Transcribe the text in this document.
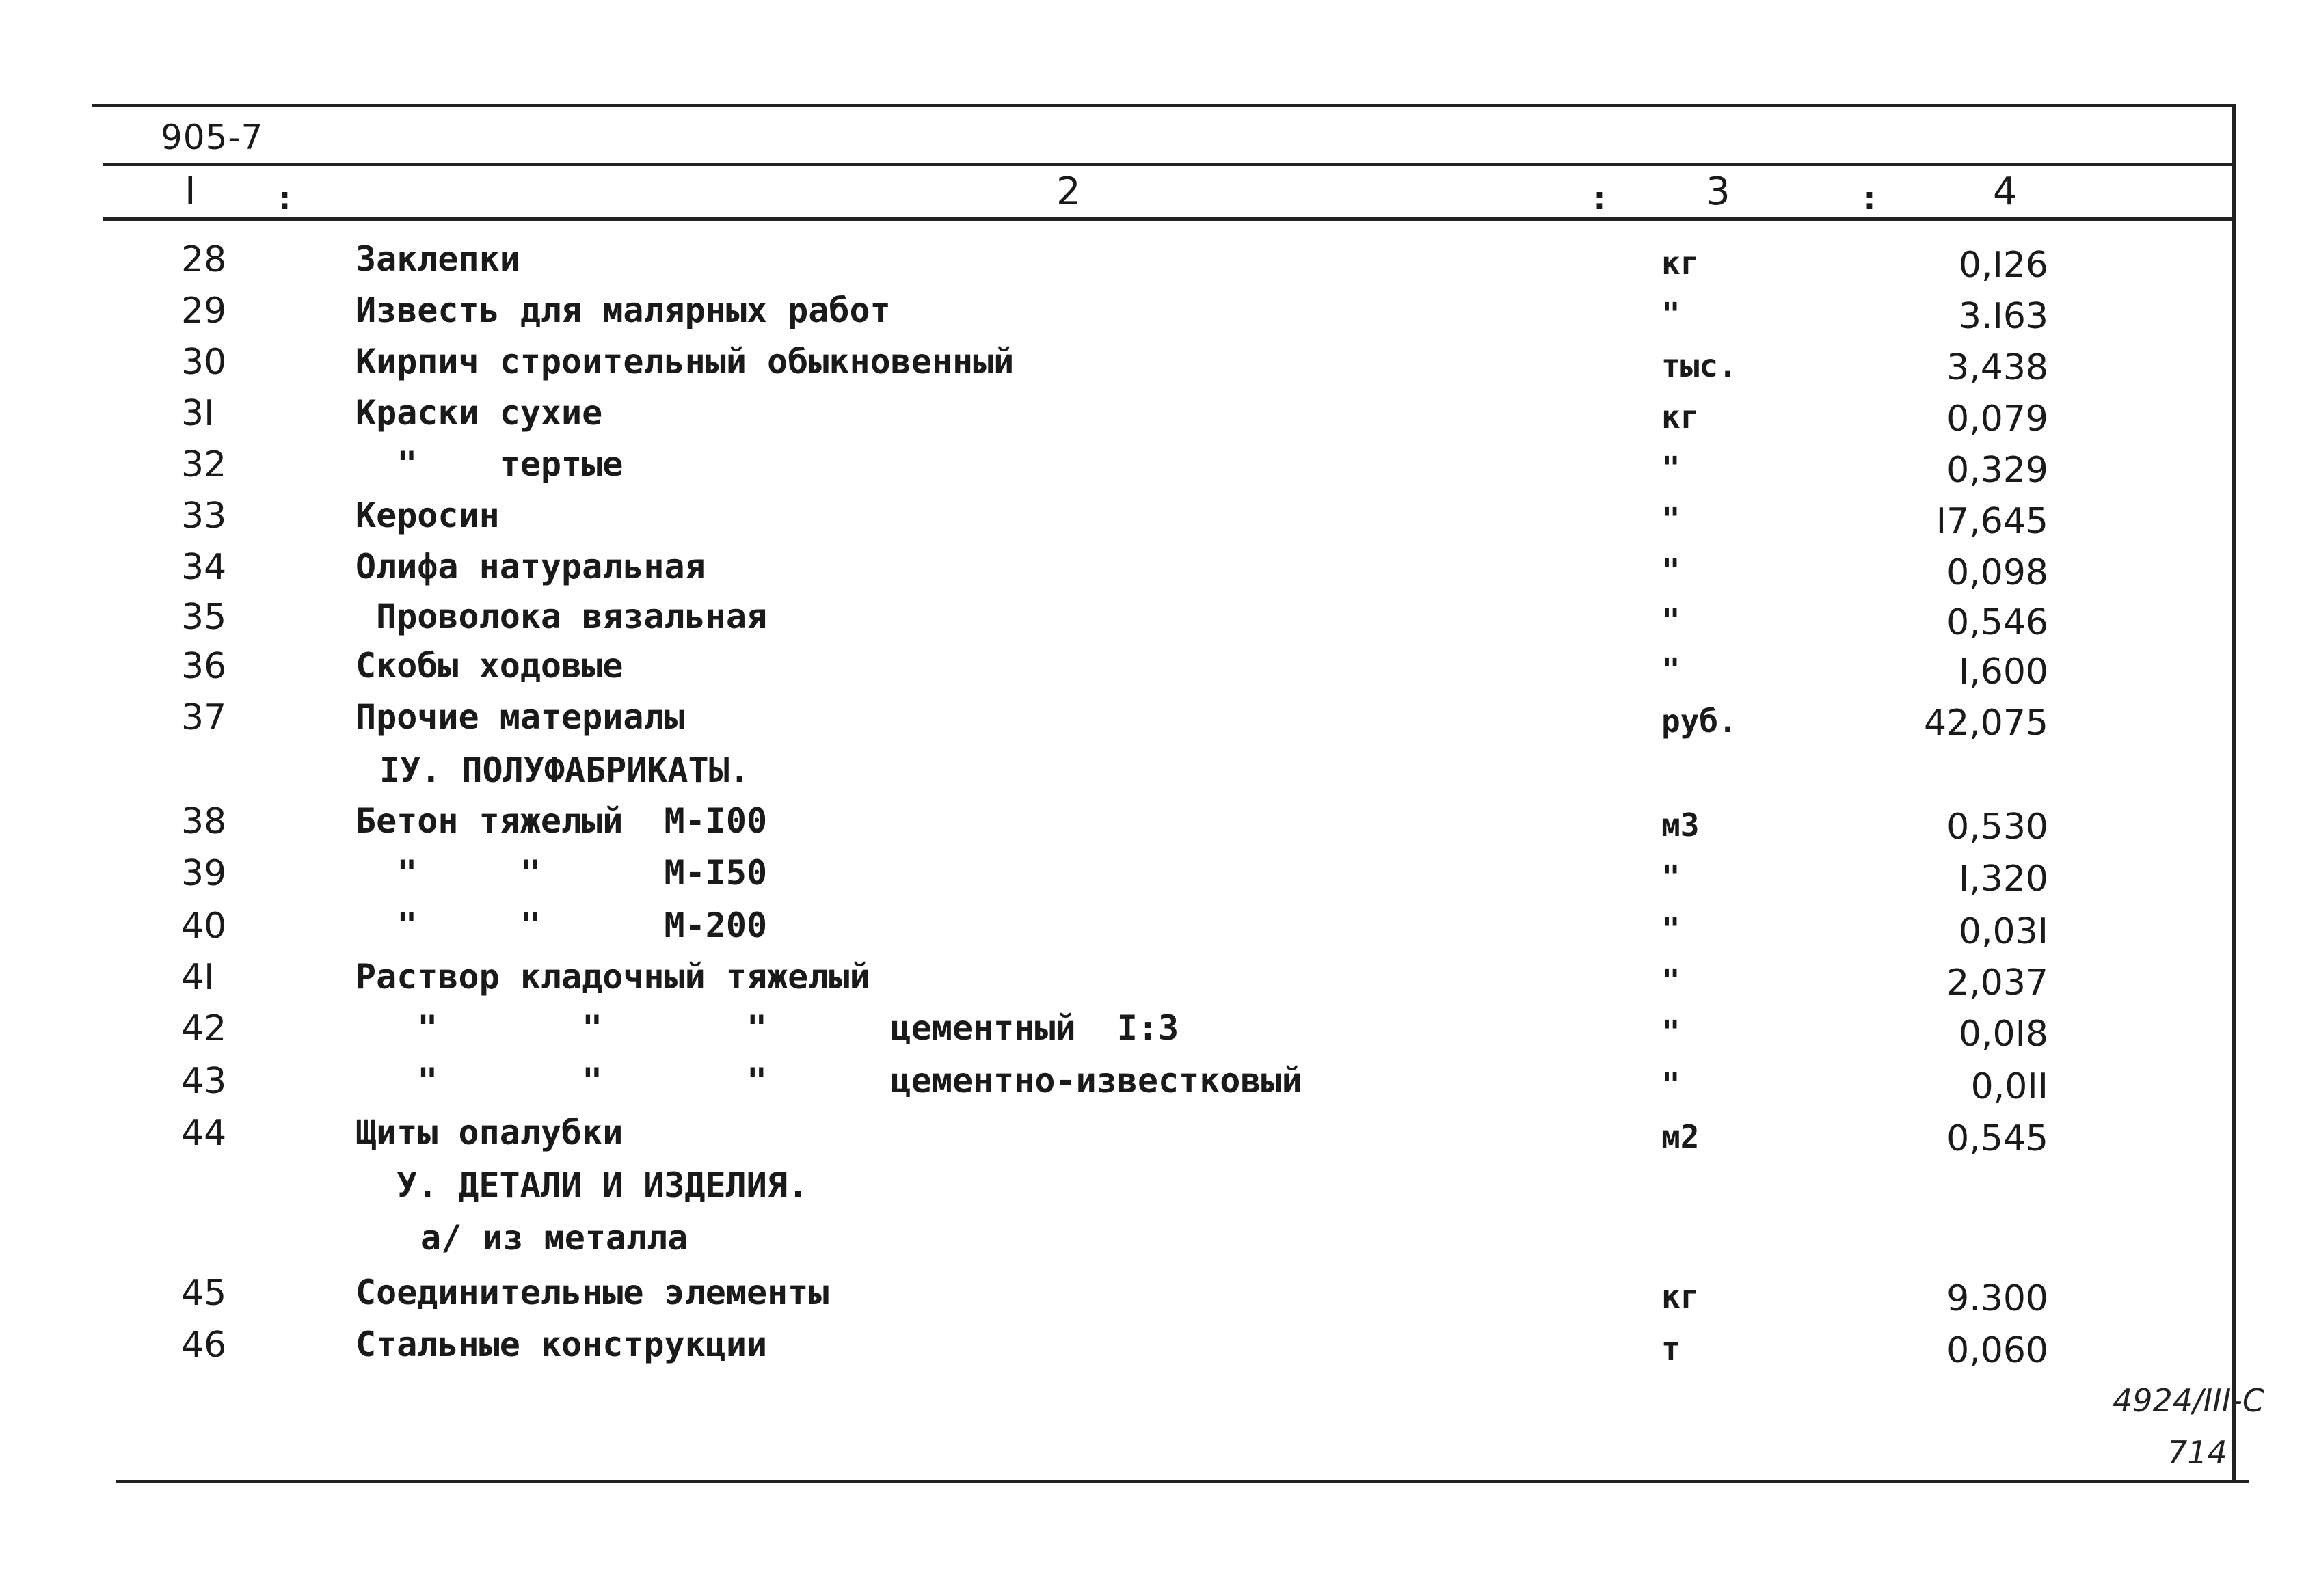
905-7
I :	2	:	3	:	4
28	Заклепки	кг	0,I26
29	Известь для малярных работ	"	3.I63
30	Кирпич строительный обыкновенный	тыс.	3,438
3I	Краски сухие	кг	0,079
32	"    тертые	"	0,329
33	Керосин	"	I7,645
34	Олифа натуральная	"	0,098
35	Проволока вязальная	"	0,546
36	Скобы ходовые	"	I,600
37	Прочие материалы	руб.	42,075
IУ. ПОЛУФАБРИКАТЫ.
38	Бетон тяжелый  М-I00	м3	0,530
39	"     "      М-I50	"	I,320
40	"     "      М-200	"	0,03I
4I	Раствор кладочный тяжелый	"	2,037
42	"       "       "      цементный  I:3	"	0,0I8
43	"       "       "      цементно-известковый	"	0,0II
44	Щиты опалубки	м2	0,545
У. ДЕТАЛИ И ИЗДЕЛИЯ.
а/ из металла
45	Соединительные элементы	кг	9.300
46	Стальные конструкции	т	0,060
4924/III-C
714
